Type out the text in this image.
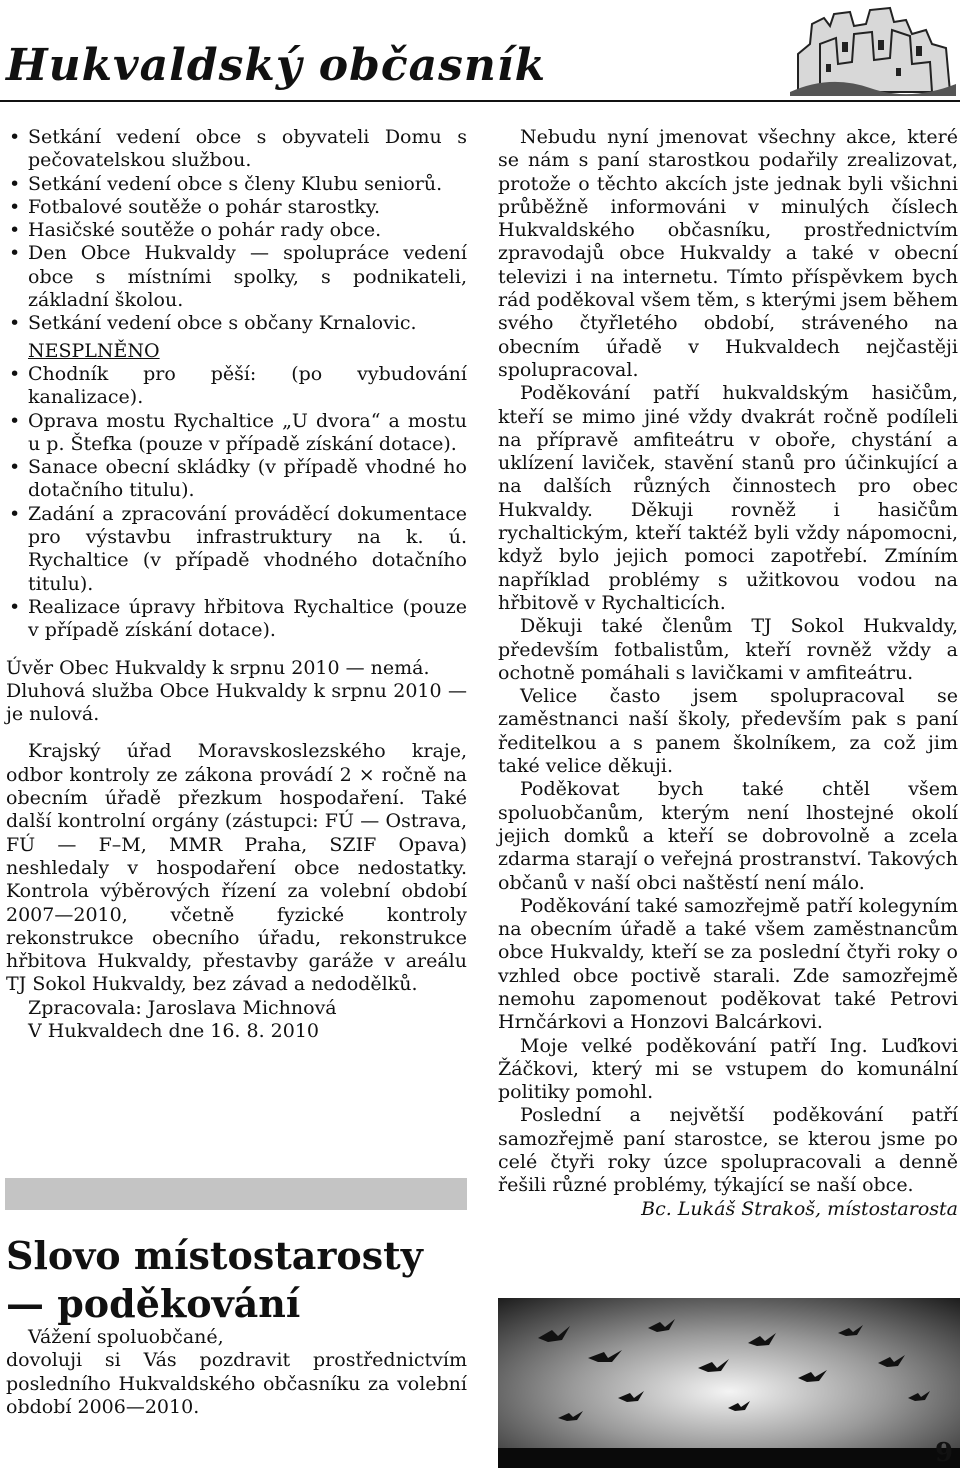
Hukvaldský občasník
• Setkání vedení obce s obyvateli Domu s pečovatelskou službou.
• Setkání vedení obce s členy Klubu seniorů.
• Fotbalové soutěže o pohár starostky.
• Hasičské soutěže o pohár rady obce.
• Den Obce Hukvaldy — spolupráce vedení obce s místními spolky, s podnikateli, základní školou.
• Setkání vedení obce s občany Krnalovic.

NESPLNĚNO

• Chodník pro pěší: (po vybudování kanalizace).
• Oprava mostu Rychaltice „U dvora“ a mostu u p. Štefka (pouze v případě získání dotace).
• Sanace obecní skládky (v případě vhodné ho dotačního titulu).
• Zadání a zpracování prováděcí dokumentace pro výstavbu infrastruktury na k. ú. Rychaltice (v případě vhodného dotačního titulu).
• Realizace úpravy hřbitova Rychaltice (pouze v případě získání dotace).

Úvěr Obec Hukvaldy k srpnu 2010 — nemá.

Dluhová služba Obce Hukvaldy k srpnu 2010 — je nulová.

Krajský úřad Moravskoslezského kraje, odbor kontroly ze zákona provádí 2 × ročně na obecním úřadě přezkum hospodaření. Také další kontrolní orgány (zástupci: FÚ — Ostrava, FÚ — F–M, MMR Praha, SZIF Opava) neshledaly v hospodaření obce nedostatky. Kontrola výběrových řízení za volební období 2007—2010, včetně fyzické kontroly rekonstrukce obecního úřadu, rekonstrukce hřbitova Hukvaldy, přestavby garáže v areálu TJ Sokol Hukvaldy, bez závad a nedodělků.

Zpracovala: Jaroslava Michnová

V Hukvaldech dne 16. 8. 2010

Slovo místostarosty
— poděkování

Vážení spoluobčané,

dovoluji si Vás pozdravit prostřednictvím posledního Hukvaldského občasníku za volební období 2006—2010.

Nebudu nyní jmenovat všechny akce, které se nám s paní starostkou podařily zrealizovat, protože o těchto akcích jste jednak byli všichni průběžně informováni v minulých číslech Hukvaldského občasníku, prostřednictvím zpravodajů obce Hukvaldy a také v obecní televizi i na internetu. Tímto příspěvkem bych rád poděkoval všem těm, s kterými jsem během svého čtyřletého období, stráveného na obecním úřadě v Hukvaldech nejčastěji spolupracoval.

Poděkování patří hukvaldským hasičům, kteří se mimo jiné vždy dvakrát ročně podíleli na přípravě amfiteátru v oboře, chystání a uklízení laviček, stavění stanů pro účinkující a na dalších různých činnostech pro obec Hukvaldy. Děkuji rovněž i hasičům rychaltickým, kteří taktéž byli vždy nápomocni, když bylo jejich pomoci zapotřebí. Zmíním například problémy s užitkovou vodou na hřbitově v Rychalticích.

Děkuji také členům TJ Sokol Hukvaldy, především fotbalistům, kteří rovněž vždy a ochotně pomáhali s lavičkami v amfiteátru.

Velice často jsem spolupracoval se zaměstnanci naší školy, především pak s paní ředitelkou a s panem školníkem, za což jim také velice děkuji.

Poděkovat bych také chtěl všem spoluobčanům, kterým není lhostejné okolí jejich domků a kteří se dobrovolně a zcela zdarma starají o veřejná prostranství. Takových občanů v naší obci naštěstí není málo.

Poděkování také samozřejmě patří kolegyním na obecním úřadě a také všem zaměstnancům obce Hukvaldy, kteří se za poslední čtyři roky o vzhled obce poctivě starali. Zde samozřejmě nemohu zapomenout poděkovat také Petrovi Hrnčárkovi a Honzovi Balcárkovi.

Moje velké poděkování patří Ing. Luďkovi Žáčkovi, který mi se vstupem do komunální politiky pomohl.

Poslední a největší poděkování patří samozřejmě paní starostce, se kterou jsme po celé čtyři roky úzce spolupracovali a denně řešili různé problémy, týkající se naší obce.

Bc. Lukáš Strakoš, místostarosta

9
